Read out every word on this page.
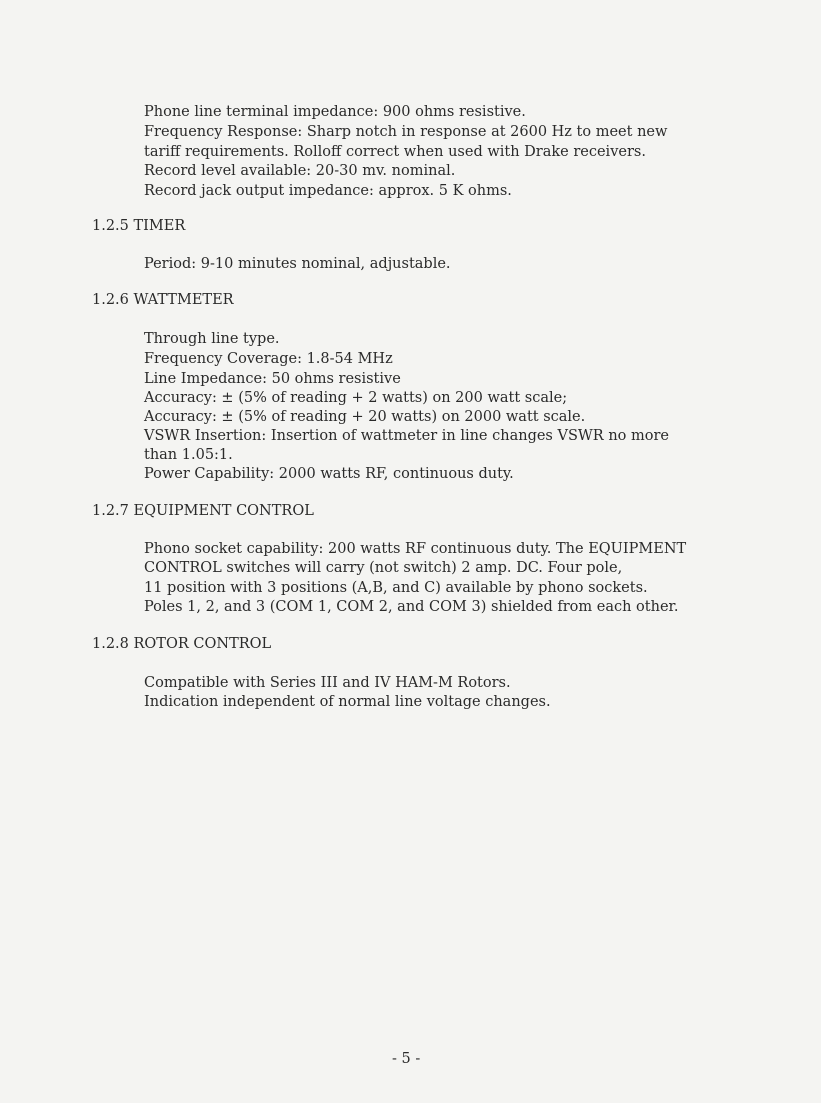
Phone line terminal impedance: 900 ohms resistive.
Frequency Response: Sharp notch in response at 2600 Hz to meet new
tariff requirements. Rolloff correct when used with Drake receivers.
Record level available: 20-30 mv. nominal.
Record jack output impedance: approx. 5 K ohms.
1.2.5 TIMER
Period: 9-10 minutes nominal, adjustable.
1.2.6 WATTMETER
Through line type.
Frequency Coverage: 1.8-54 MHz
Line Impedance: 50 ohms resistive
Accuracy: ± (5% of reading + 2 watts) on 200 watt scale;
Accuracy: ± (5% of reading + 20 watts) on 2000 watt scale.
VSWR Insertion: Insertion of wattmeter in line changes VSWR no more
than 1.05:1.
Power Capability: 2000 watts RF, continuous duty.
1.2.7 EQUIPMENT CONTROL
Phono socket capability: 200 watts RF continuous duty. The EQUIPMENT
CONTROL switches will carry (not switch) 2 amp. DC. Four pole,
11 position with 3 positions (A,B, and C) available by phono sockets.
Poles 1, 2, and 3 (COM 1, COM 2, and COM 3) shielded from each other.
1.2.8 ROTOR CONTROL
Compatible with Series III and IV HAM-M Rotors.
Indication independent of normal line voltage changes.
- 5 -
